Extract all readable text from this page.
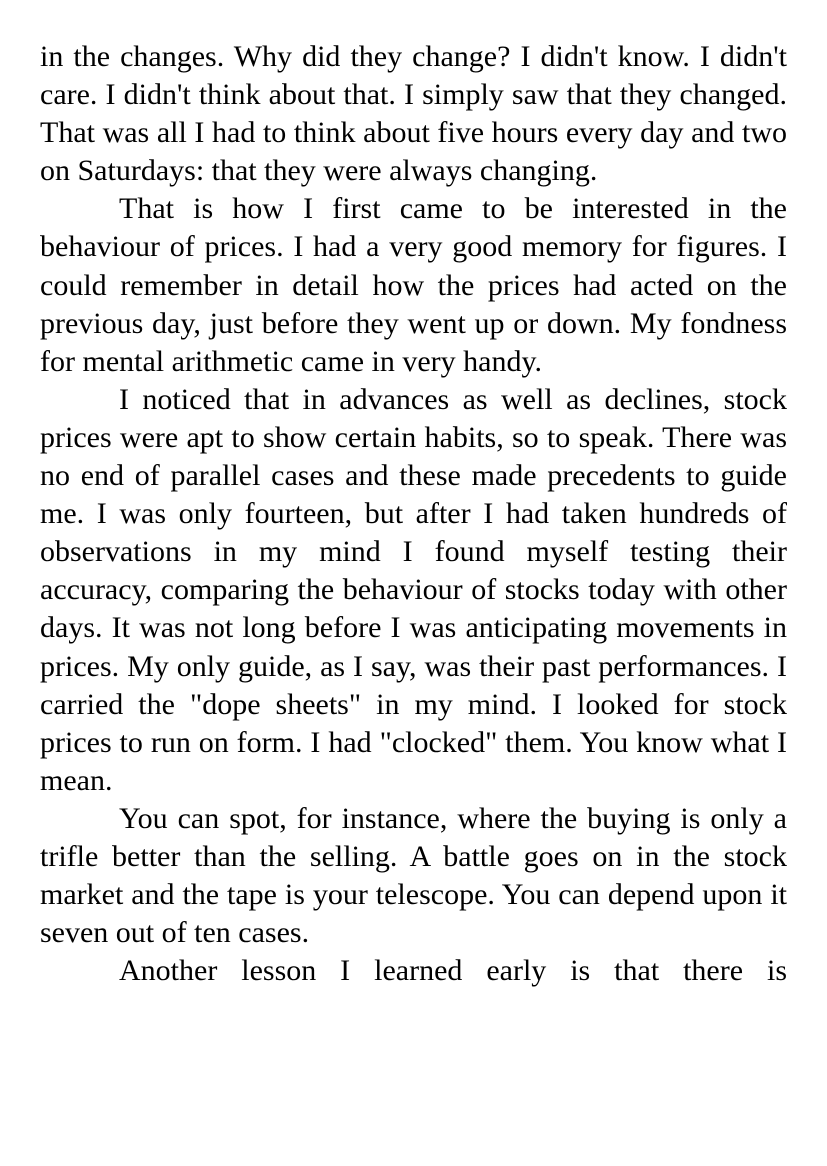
in the changes. Why did they change? I didn't know. I didn't care. I didn't think about that. I simply saw that they changed. That was all I had to think about five hours every day and two on Saturdays: that they were always changing.

That is how I first came to be interested in the behaviour of prices. I had a very good memory for figures. I could remember in detail how the prices had acted on the previous day, just before they went up or down. My fondness for mental arithmetic came in very handy.

I noticed that in advances as well as declines, stock prices were apt to show certain habits, so to speak. There was no end of parallel cases and these made precedents to guide me. I was only fourteen, but after I had taken hundreds of observations in my mind I found myself testing their accuracy, comparing the behaviour of stocks today with other days. It was not long before I was anticipating movements in prices. My only guide, as I say, was their past performances. I carried the "dope sheets" in my mind. I looked for stock prices to run on form. I had "clocked" them. You know what I mean.

You can spot, for instance, where the buying is only a trifle better than the selling. A battle goes on in the stock market and the tape is your telescope. You can depend upon it seven out of ten cases.

Another lesson I learned early is that there is
